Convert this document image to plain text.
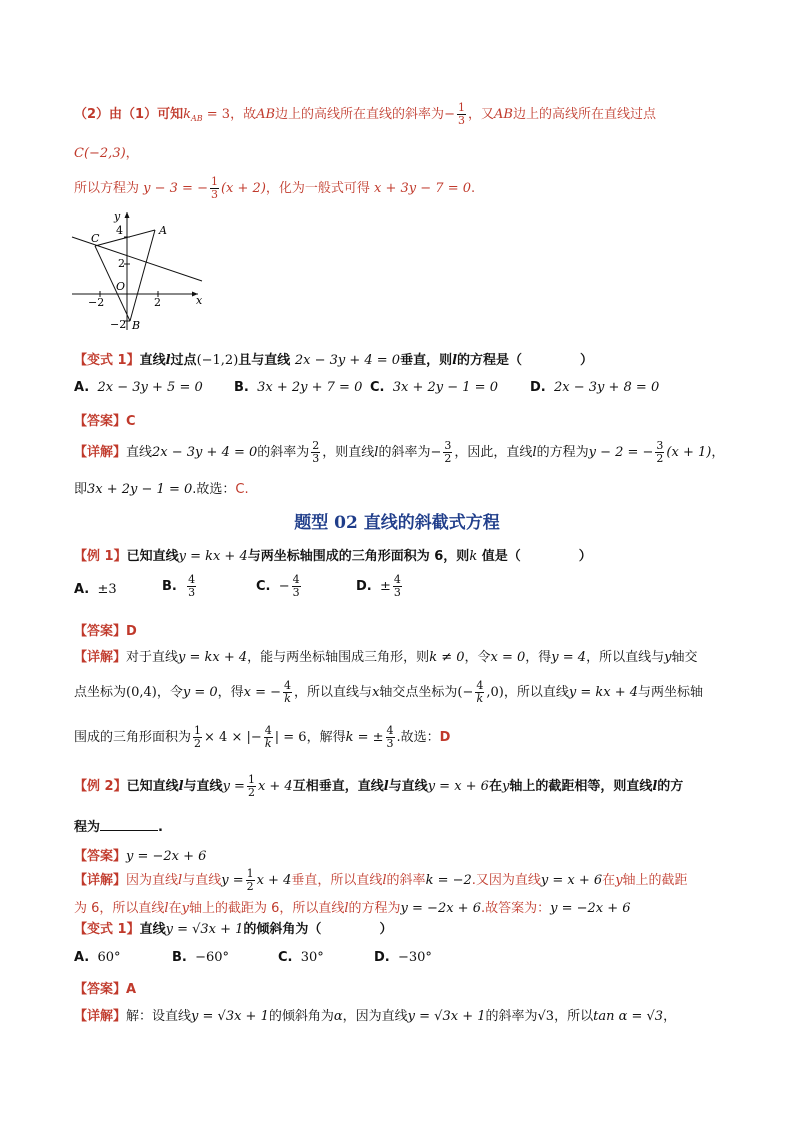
（2）由（1）可知$k_{AB} = 3$，故AB边上的高线所在直线的斜率为− $\frac{1}{3}$ ，又AB边上的高线所在直线过点
C(−2,3)，
所以方程为 y − 3 = − $\frac{1}{3} (x + 2)$，化为一般式可得 x + 3y − 7 = 0.
y
x
4
2
−2	2
−2
O
C
A
B
【变式 1】直线l过点(−1,2)且与直线 2x − 3y + 4 = 0垂直，则l的方程是（	）
A. 2x − 3y + 5 = 0 B. 3x + 2y + 7 = 0 C. 3x + 2y − 1 = 0 D. 2x − 3y + 8 = 0
【答案】C
【详解】直线2x − 3y + 4 = 0的斜率为 $\frac{2}{3}$ ，则直线l的斜率为− $\frac{3}{2}$ ，因此，直线l的方程为y − 2 = − $\frac{3}{2} (x + 1)$，
即3x + 2y − 1 = 0.故选：C.
题型 02 直线的斜截式方程
【例 1】已知直线y = kx + 4与两坐标轴围成的三角形面积为 6，则k 值是（	）
A. ±3	B. $\frac{4}{3}$	C. − $\frac{4}{3}$	D. ± $\frac{4}{3}$
【答案】D
【详解】对于直线y = kx + 4，能与两坐标轴围成三角形，则k ≠ 0，令x = 0，得y = 4，所以直线与y轴交
点坐标为(0,4)，令y = 0，得x = − $\frac{4}{k}$ ，所以直线与x轴交点坐标为(− $\frac{4}{k} ,0$)，所以直线y = kx + 4与两坐标轴
围成的三角形面积为 $\frac{1}{2} \times 4$ × |− $\frac{4}{k}$ | = 6，解得k = ± $\frac{4}{3}$ .故选：D
【例 2】已知直线l与直线$y = \frac{1}{2}$ x + 4互相垂直，直线l与直线y = x + 6在y轴上的截距相等，则直线l的方
程为	.
【答案】y = −2x + 6
【详解】因为直线l与直线$y = \frac{1}{2}$ x + 4垂直，所以直线l的斜率k = −2.又因为直线y = x + 6在y轴上的截距
为 6，所以直线l在y轴上的截距为 6，所以直线l的方程为y = −2x + 6.故答案为：y = −2x + 6
【变式 1】直线y = √3x + 1的倾斜角为（	）
A. 60°	B. −60°	C. 30°	D. −30°
【答案】A
【详解】解：设直线y = √3x + 1的倾斜角为α，因为直线y = √3x + 1的斜率为√3，所以tan α = √3，
